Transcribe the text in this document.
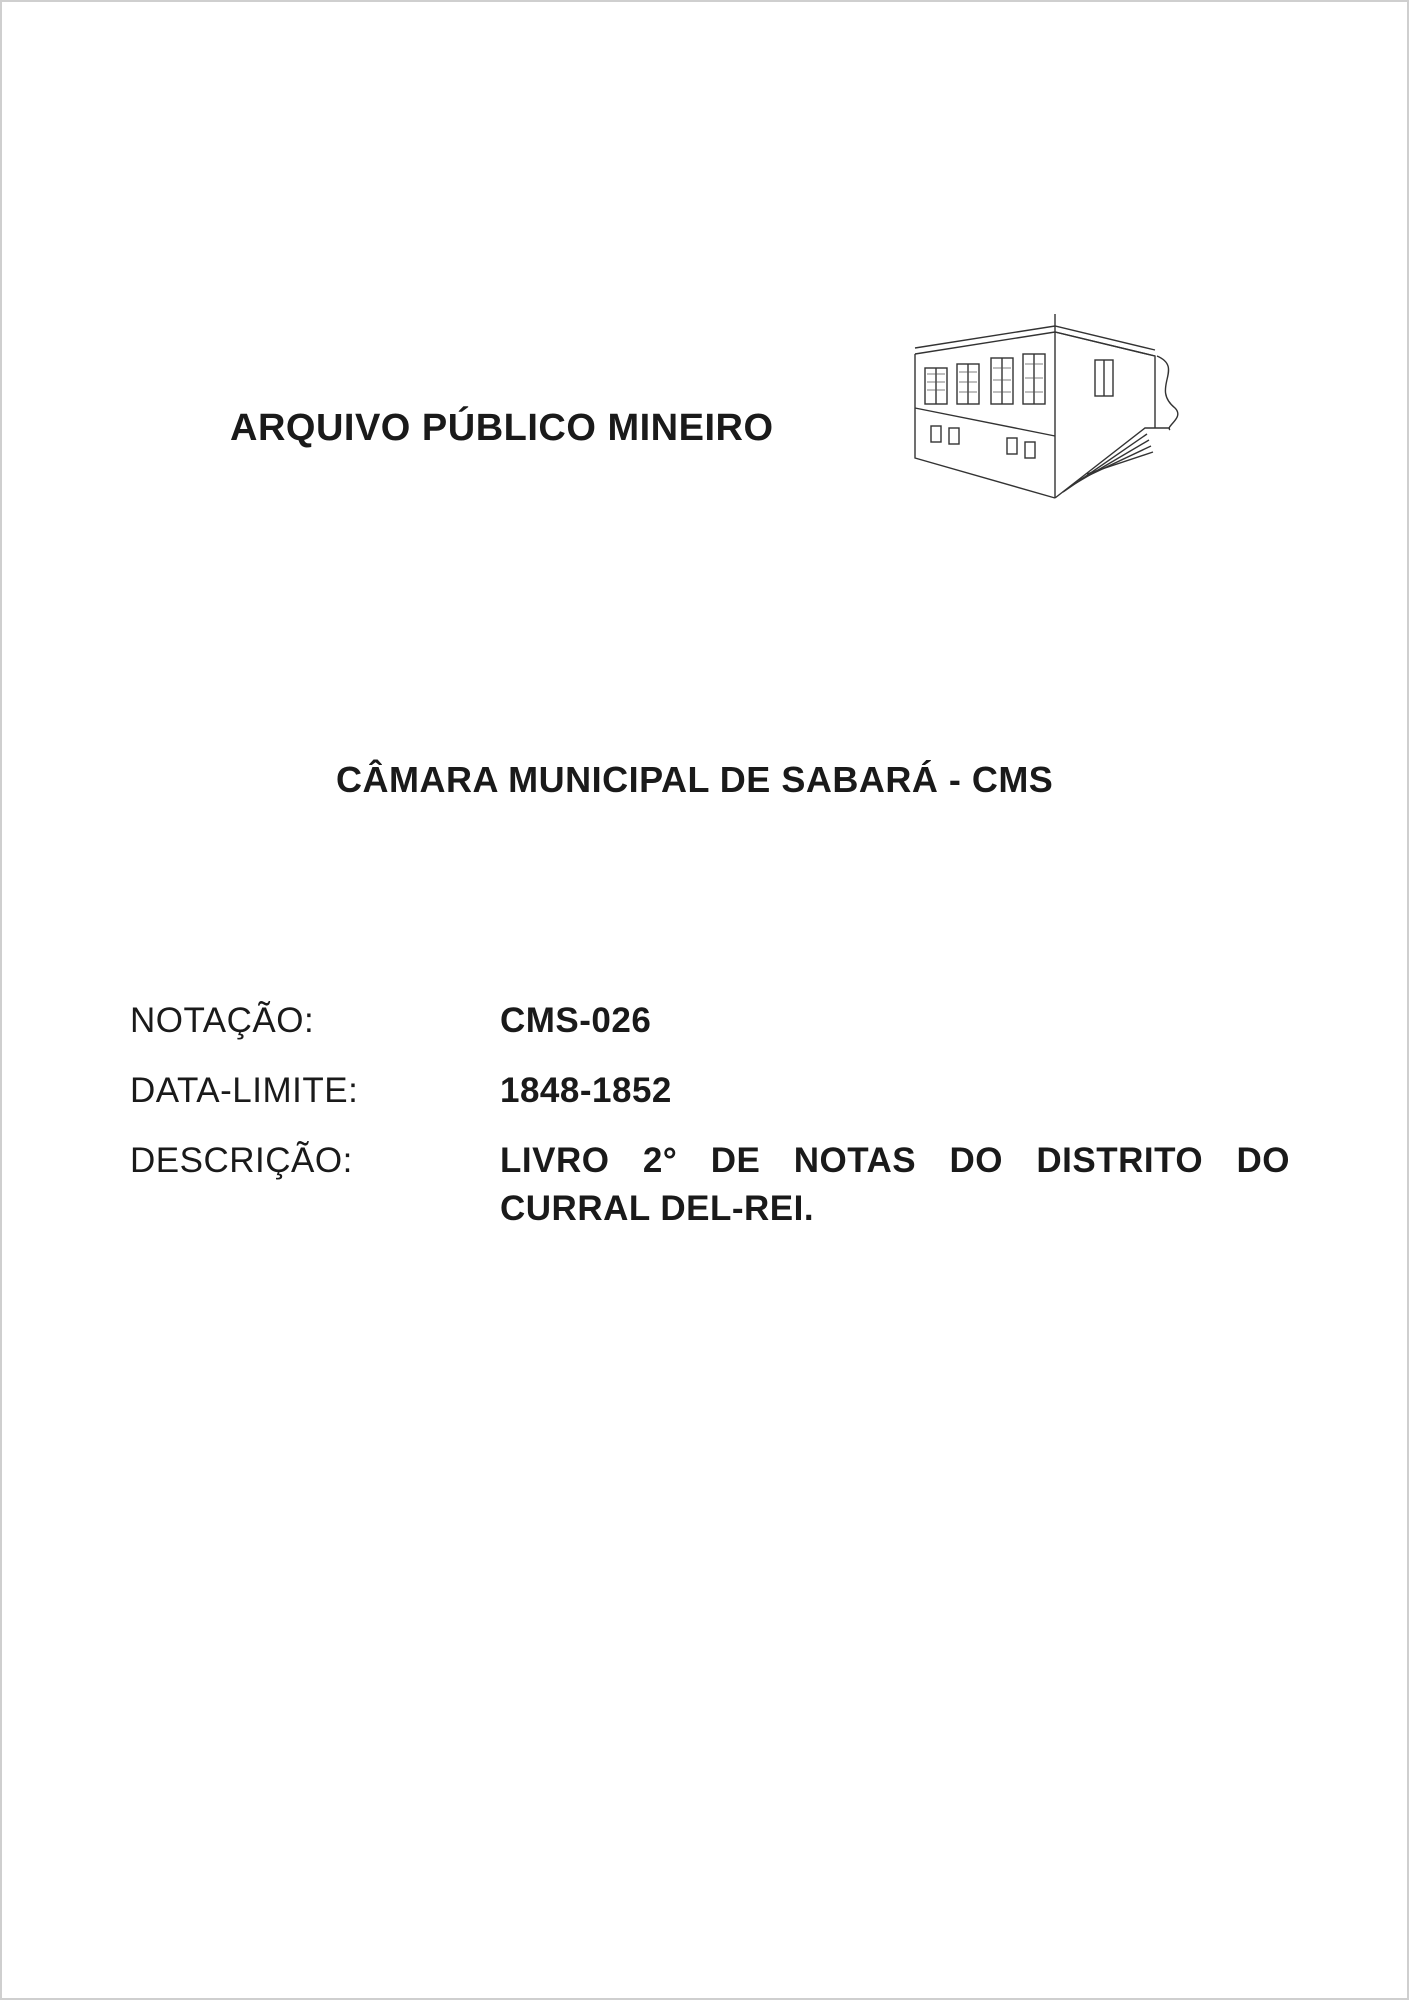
ARQUIVO PÚBLICO MINEIRO
CÂMARA MUNICIPAL DE SABARÁ - CMS
NOTAÇÃO:	CMS-026
DATA-LIMITE:	1848-1852
DESCRIÇÃO:	LIVRO 2° DE NOTAS DO DISTRITO DO CURRAL DEL-REI.
